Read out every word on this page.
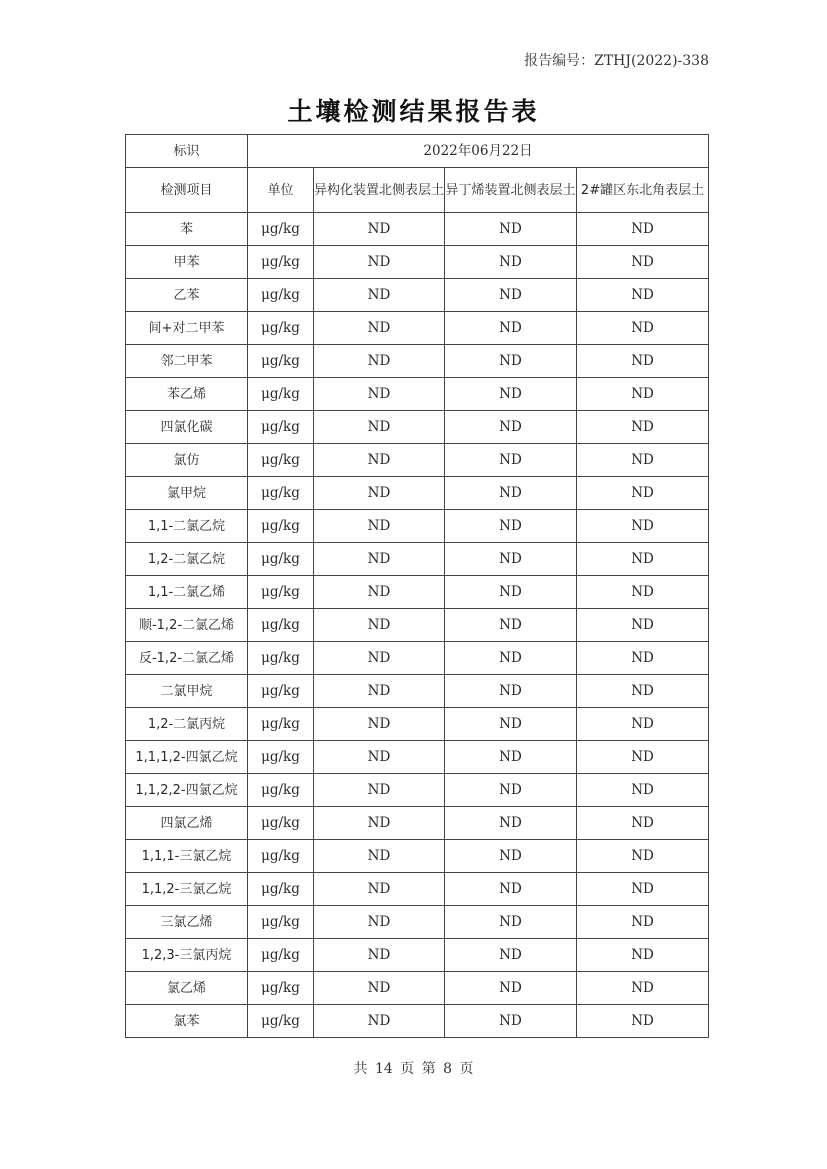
报告编号：ZTHJ(2022)-338
土壤检测结果报告表
标识	2022年06月22日			
检测项目	单位	异构化装置北侧表层土	异丁烯装置北侧表层土	2#罐区东北角表层土
苯	μg/kg	ND	ND	ND
甲苯	μg/kg	ND	ND	ND
乙苯	μg/kg	ND	ND	ND
间+对二甲苯	μg/kg	ND	ND	ND
邻二甲苯	μg/kg	ND	ND	ND
苯乙烯	μg/kg	ND	ND	ND
四氯化碳	μg/kg	ND	ND	ND
氯仿	μg/kg	ND	ND	ND
氯甲烷	μg/kg	ND	ND	ND
1,1-二氯乙烷	μg/kg	ND	ND	ND
1,2-二氯乙烷	μg/kg	ND	ND	ND
1,1-二氯乙烯	μg/kg	ND	ND	ND
顺-1,2-二氯乙烯	μg/kg	ND	ND	ND
反-1,2-二氯乙烯	μg/kg	ND	ND	ND
二氯甲烷	μg/kg	ND	ND	ND
1,2-二氯丙烷	μg/kg	ND	ND	ND
1,1,1,2-四氯乙烷	μg/kg	ND	ND	ND
1,1,2,2-四氯乙烷	μg/kg	ND	ND	ND
四氯乙烯	μg/kg	ND	ND	ND
1,1,1-三氯乙烷	μg/kg	ND	ND	ND
1,1,2-三氯乙烷	μg/kg	ND	ND	ND
三氯乙烯	μg/kg	ND	ND	ND
1,2,3-三氯丙烷	μg/kg	ND	ND	ND
氯乙烯	μg/kg	ND	ND	ND
氯苯	μg/kg	ND	ND	ND
共 14 页 第 8 页
